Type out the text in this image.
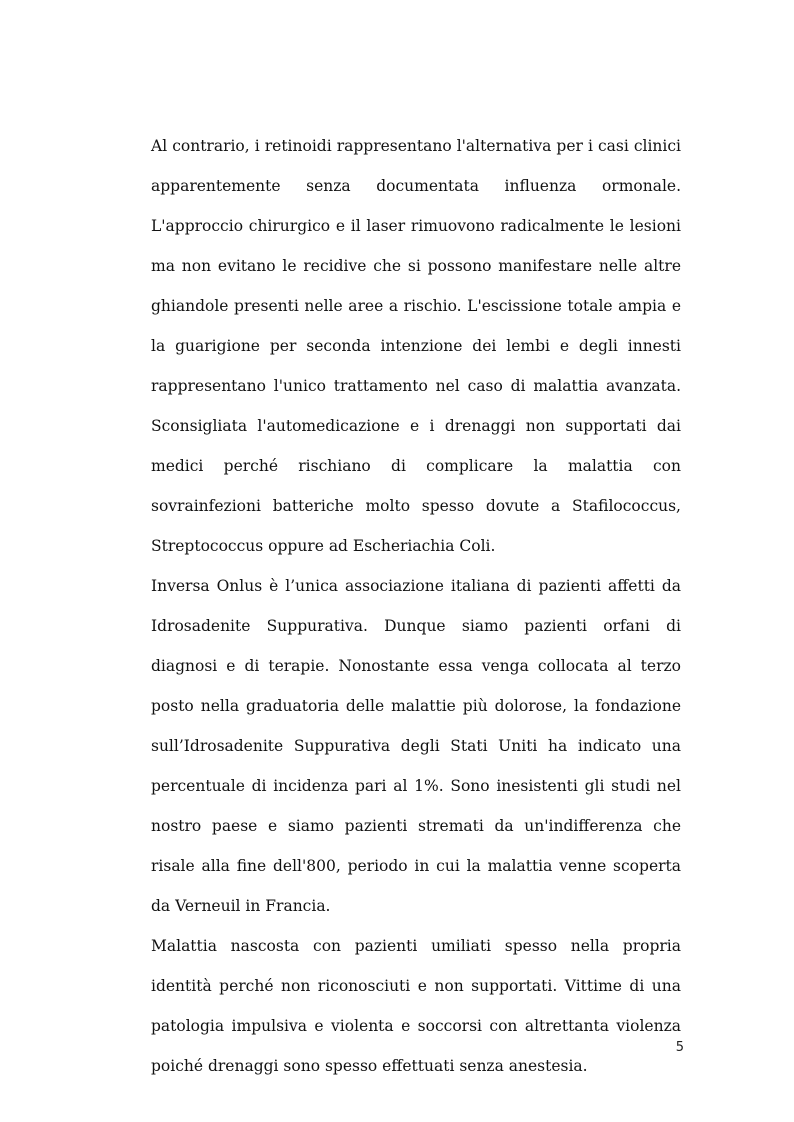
Al contrario, i retinoidi rappresentano l'alternativa per i casi clinici apparentemente senza documentata influenza ormonale. L'approccio chirurgico e il laser rimuovono radicalmente le lesioni ma non evitano le recidive che si possono manifestare nelle altre ghiandole presenti nelle aree a rischio. L'escissione totale ampia e la guarigione per seconda intenzione dei lembi e degli innesti rappresentano l'unico trattamento nel caso di malattia avanzata. Sconsigliata l'automedicazione e i drenaggi non supportati dai medici perché rischiano di complicare la malattia con sovrainfezioni batteriche molto spesso dovute a Stafilococcus, Streptococcus oppure ad Escheriachia Coli.

Inversa Onlus è l’unica associazione italiana di pazienti affetti da Idrosadenite Suppurativa. Dunque siamo pazienti orfani di diagnosi e di terapie. Nonostante essa venga collocata al terzo posto nella graduatoria delle malattie più dolorose, la fondazione sull’Idrosadenite Suppurativa degli Stati Uniti ha indicato una percentuale di incidenza pari al 1%. Sono inesistenti gli studi nel nostro paese e siamo pazienti stremati da un'indifferenza che risale alla fine dell'800, periodo in cui la malattia venne scoperta da Verneuil in Francia.

Malattia nascosta con pazienti umiliati spesso nella propria identità perché non riconosciuti e non supportati. Vittime di una patologia impulsiva e violenta e soccorsi con altrettanta violenza poiché drenaggi sono spesso effettuati senza anestesia.

5
